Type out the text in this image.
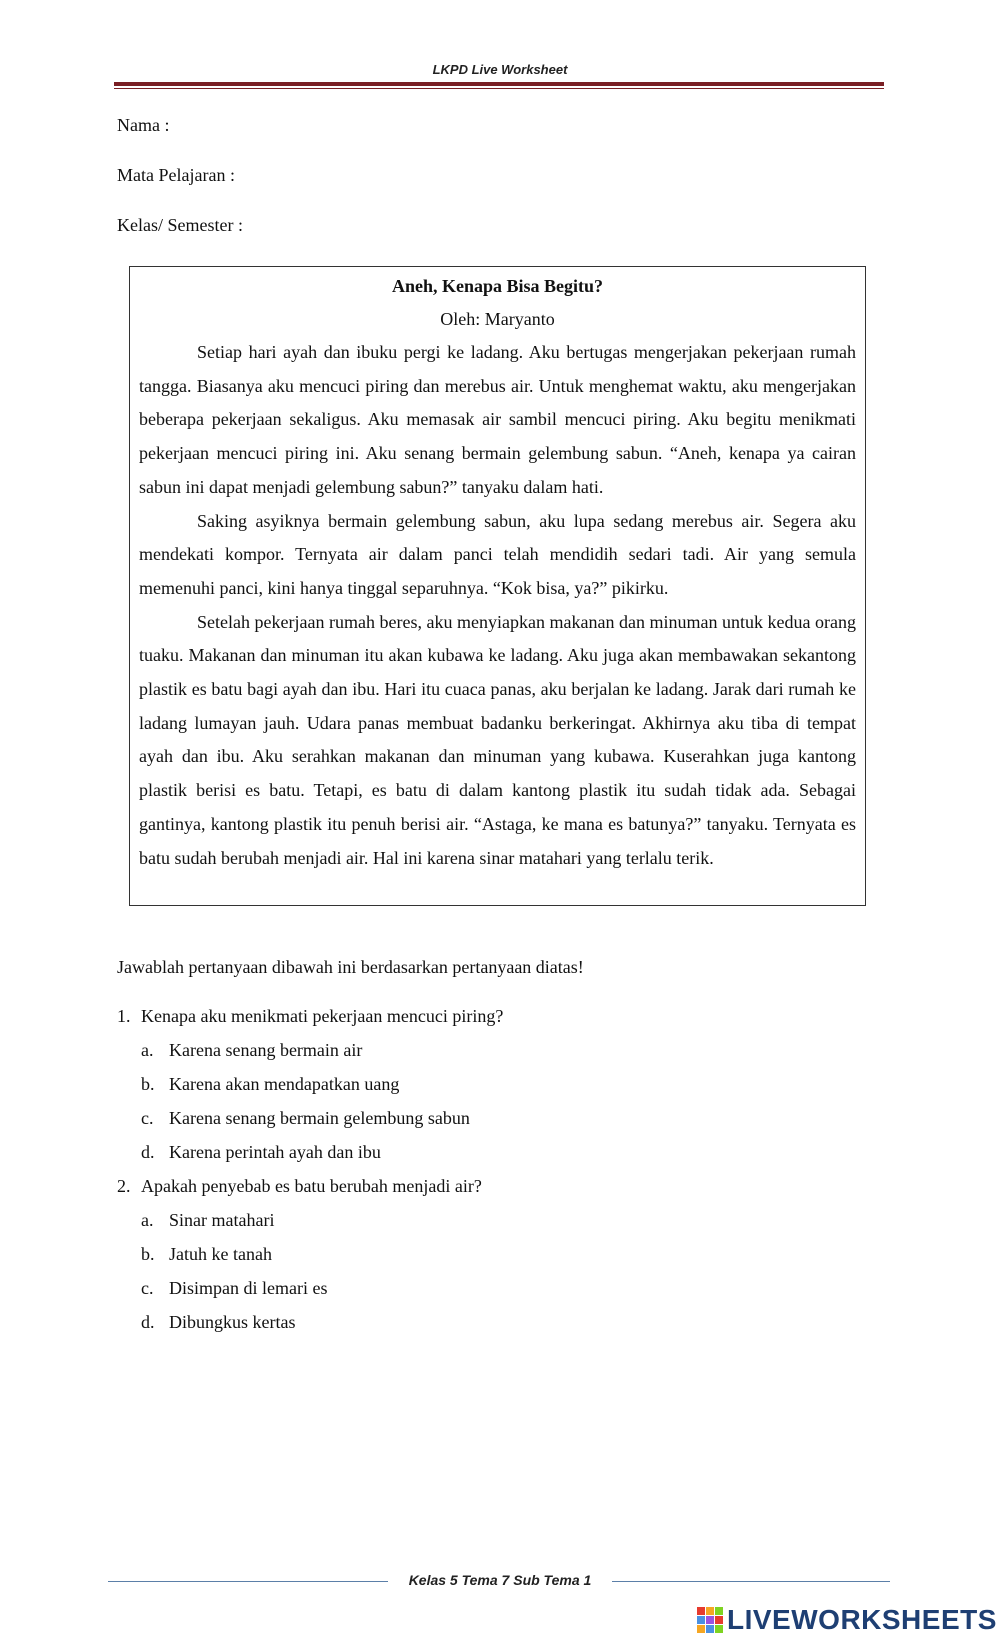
LKPD Live Worksheet
Nama :
Mata Pelajaran :
Kelas/ Semester :
Aneh, Kenapa Bisa Begitu?
Oleh: Maryanto

Setiap hari ayah dan ibuku pergi ke ladang. Aku bertugas mengerjakan pekerjaan rumah tangga. Biasanya aku mencuci piring dan merebus air. Untuk menghemat waktu, aku mengerjakan beberapa pekerjaan sekaligus. Aku memasak air sambil mencuci piring. Aku begitu menikmati pekerjaan mencuci piring ini. Aku senang bermain gelembung sabun. “Aneh, kenapa ya cairan sabun ini dapat menjadi gelembung sabun?” tanyaku dalam hati.

Saking asyiknya bermain gelembung sabun, aku lupa sedang merebus air. Segera aku mendekati kompor. Ternyata air dalam panci telah mendidih sedari tadi. Air yang semula memenuhi panci, kini hanya tinggal separuhnya. “Kok bisa, ya?” pikirku.

Setelah pekerjaan rumah beres, aku menyiapkan makanan dan minuman untuk kedua orang tuaku. Makanan dan minuman itu akan kubawa ke ladang. Aku juga akan membawakan sekantong plastik es batu bagi ayah dan ibu. Hari itu cuaca panas, aku berjalan ke ladang. Jarak dari rumah ke ladang lumayan jauh. Udara panas membuat badanku berkeringat. Akhirnya aku tiba di tempat ayah dan ibu. Aku serahkan makanan dan minuman yang kubawa. Kuserahkan juga kantong plastik berisi es batu. Tetapi, es batu di dalam kantong plastik itu sudah tidak ada. Sebagai gantinya, kantong plastik itu penuh berisi air. “Astaga, ke mana es batunya?” tanyaku. Ternyata es batu sudah berubah menjadi air. Hal ini karena sinar matahari yang terlalu terik.

Jawablah pertanyaan dibawah ini berdasarkan pertanyaan diatas!
1. Kenapa aku menikmati pekerjaan mencuci piring?
a. Karena senang bermain air
b. Karena akan mendapatkan uang
c. Karena senang bermain gelembung sabun
d. Karena perintah ayah dan ibu
2. Apakah penyebab es batu berubah menjadi air?
a. Sinar matahari
b. Jatuh ke tanah
c. Disimpan di lemari es
d. Dibungkus kertas
Kelas 5 Tema 7 Sub Tema 1
LIVEWORKSHEETS
